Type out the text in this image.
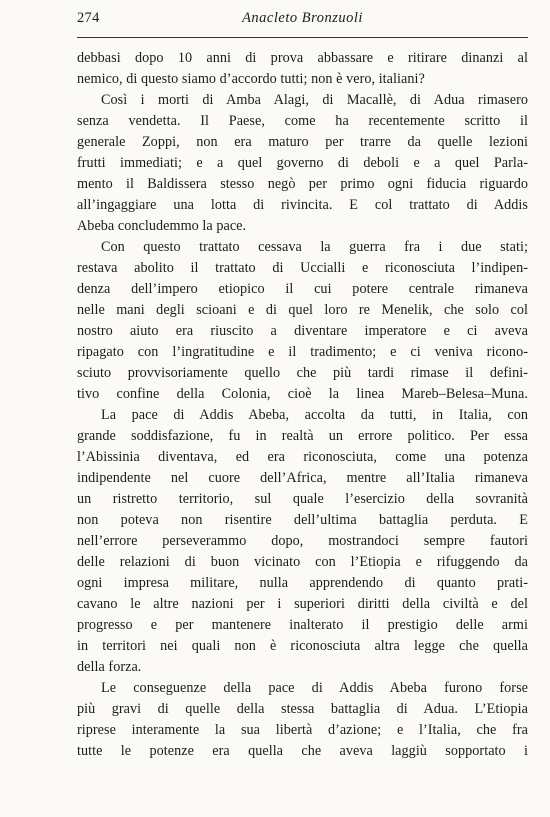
274	Anacleto Bronzuoli
debbasi dopo 10 anni di prova abbassare e ritirare dinanzi al
nemico, di questo siamo d’accordo tutti; non è vero, italiani?
Così i morti di Amba Alagi, di Macallè, di Adua rimasero
senza vendetta. Il Paese, come ha recentemente scritto il
generale Zoppi, non era maturo per trarre da quelle lezioni
frutti immediati; e a quel governo di deboli e a quel Parla-
mento il Baldissera stesso negò per primo ogni fiducia riguardo
all’ingaggiare una lotta di rivincita. E col trattato di Addis
Abeba concludemmo la pace.
Con questo trattato cessava la guerra fra i due stati;
restava abolito il trattato di Uccialli e riconosciuta l’indipen-
denza dell’impero etiopico il cui potere centrale rimaneva
nelle mani degli scioani e di quel loro re Menelik, che solo col
nostro aiuto era riuscito a diventare imperatore e ci aveva
ripagato con l’ingratitudine e il tradimento; e ci veniva ricono-
sciuto provvisoriamente quello che più tardi rimase il defini-
tivo confine della Colonia, cioè la linea Mareb–Belesa–Muna.
La pace di Addis Abeba, accolta da tutti, in Italia, con
grande soddisfazione, fu in realtà un errore politico. Per essa
l’Abissinia diventava, ed era riconosciuta, come una potenza
indipendente nel cuore dell’Africa, mentre all’Italia rimaneva
un ristretto territorio, sul quale l’esercizio della sovranità
non poteva non risentire dell’ultima battaglia perduta. E
nell’errore perseverammo dopo, mostrandoci sempre fautori
delle relazioni di buon vicinato con l’Etiopia e rifuggendo da
ogni impresa militare, nulla apprendendo di quanto prati-
cavano le altre nazioni per i superiori diritti della civiltà e del
progresso e per mantenere inalterato il prestigio delle armi
in territori nei quali non è riconosciuta altra legge che quella
della forza.
Le conseguenze della pace di Addis Abeba furono forse
più gravi di quelle della stessa battaglia di Adua. L’Etiopia
riprese interamente la sua libertà d’azione; e l’Italia, che fra
tutte le potenze era quella che aveva laggiù sopportato i
